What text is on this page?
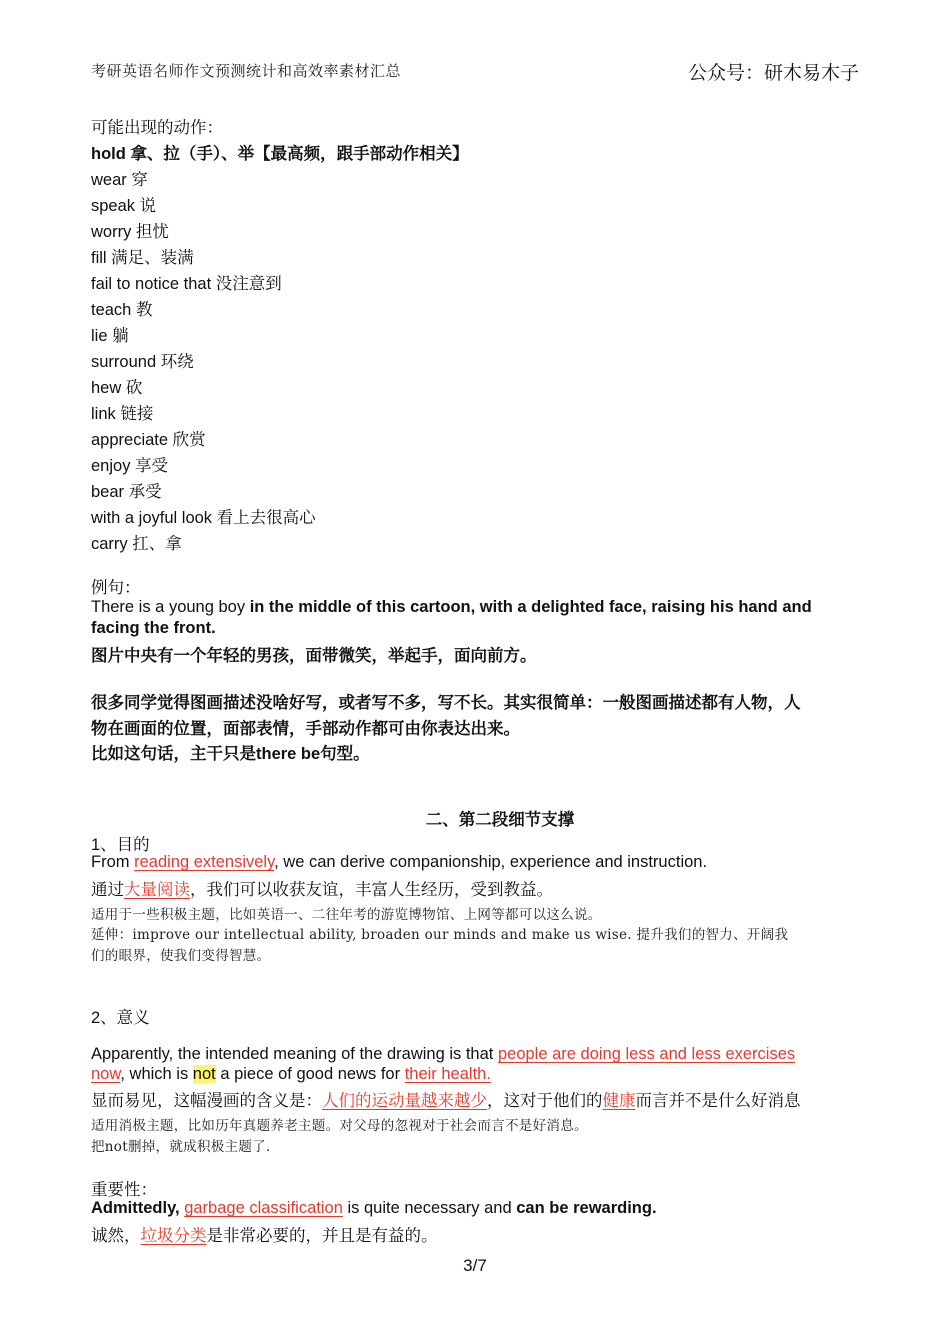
考研英语名师作文预测统计和高效率素材汇总	公众号：研木易木子
可能出现的动作：
hold 拿、拉（手）、举【最高频，跟手部动作相关】
wear 穿
speak 说
worry 担忧
fill 满足、装满
fail to notice that 没注意到
teach 教
lie 躺
surround 环绕
hew 砍
link 链接
appreciate 欣赏
enjoy 享受
bear 承受
with a joyful look 看上去很高心
carry 扛、拿
例句：
There is a young boy in the middle of this cartoon, with a delighted face, raising his hand and
facing the front.
图片中央有一个年轻的男孩，面带微笑，举起手，面向前方。
很多同学觉得图画描述没啥好写，或者写不多，写不长。其实很简单：一般图画描述都有人物，人
物在画面的位置，面部表情，手部动作都可由你表达出来。
比如这句话，主干只是there be句型。
二、第二段细节支撑
1、目的
From reading extensively, we can derive companionship, experience and instruction.
通过大量阅读，我们可以收获友谊，丰富人生经历，受到教益。
适用于一些积极主题，比如英语一、二往年考的游览博物馆、上网等都可以这么说。
延伸：improve our intellectual ability, broaden our minds and make us wise. 提升我们的智力、开阔我
们的眼界，使我们变得智慧。
2、意义
Apparently, the intended meaning of the drawing is that people are doing less and less exercises
now, which is not a piece of good news for their health.
显而易见，这幅漫画的含义是：人们的运动量越来越少，这对于他们的健康而言并不是什么好消息
适用消极主题，比如历年真题养老主题。对父母的忽视对于社会而言不是好消息。
把not删掉，就成积极主题了.
重要性：
Admittedly, garbage classification is quite necessary and can be rewarding.
诚然，垃圾分类是非常必要的，并且是有益的。
3/7
